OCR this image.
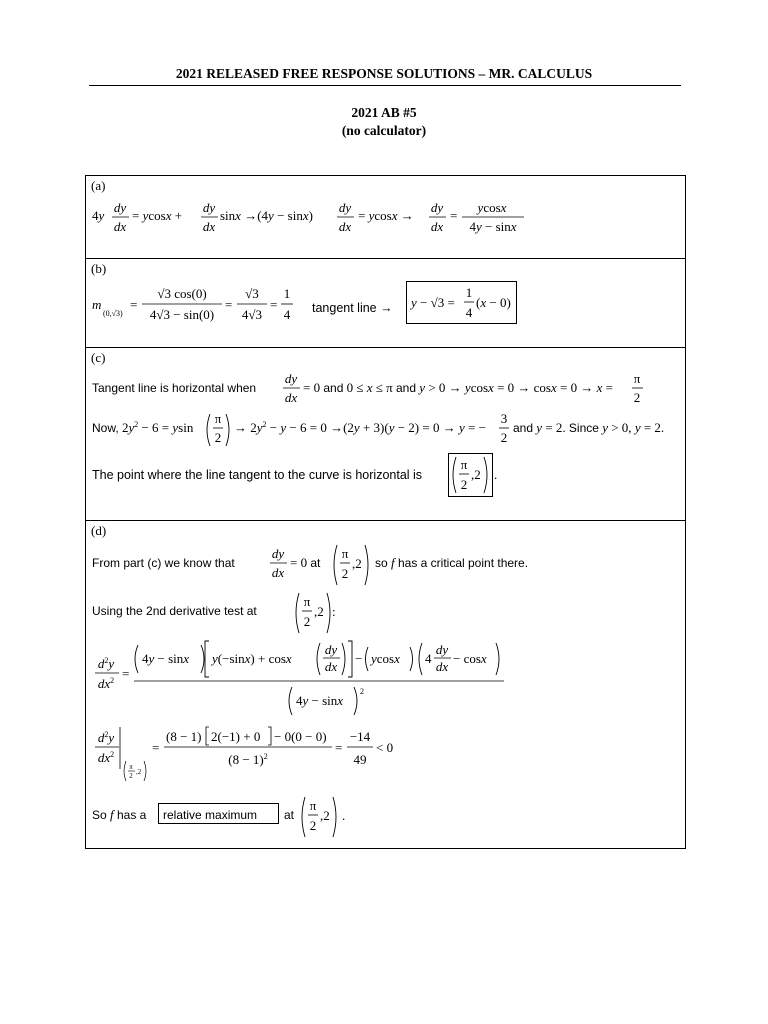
2021 RELEASED FREE RESPONSE SOLUTIONS – MR. CALCULUS
2021 AB #5
(no calculator)
(a)
4y
dy
dx
= ycosx +
dy
dx
sinx →(4y − sinx)
dy
dx
= ycosx →
dy
dx
=
ycosx
4y − sinx
(b)
m
(0,√3)
=
√3 cos(0)
4√3 − sin(0)
=
√3
4√3
=
1
4 tangent line → y − √3 =
1
4
(x − 0)
(c)
Tangent line is horizontal when
dy
dx
= 0 and 0 ≤ x ≤ π and y > 0 → ycosx = 0 → cosx = 0 → x =
π
2
Now, $2y^2 - 6 = ysin$
π
2
→ $2y^2 - y - 6 = 0 \to(2y + 3)(y - 2) = 0 \to y$ = −
3
2
and y = 2. Since y > 0, y = 2.
The point where the line tangent to the curve is horizontal is
π
2
,2 .
(d)
From part (c) we know that
dy
dx
= 0 at
π
2
,2 so f has a critical point there.
Using the 2nd derivative test at
π
2
,2 :
$d^2y$
$dx^2$ =
4y − sinx y(−sinx) + cosx
dy
dx
− ycosx 4
dy
dx
− cosx
4y − sinx
2
$d^2y$
$dx^2$
π
2 ,2
=
(8 − 1) 2(−1) + 0 − 0(0 − 0)
$(8 - 1)^2$
=
−14
49
< 0
So f has a relative maximum at
π
2
,2 .
